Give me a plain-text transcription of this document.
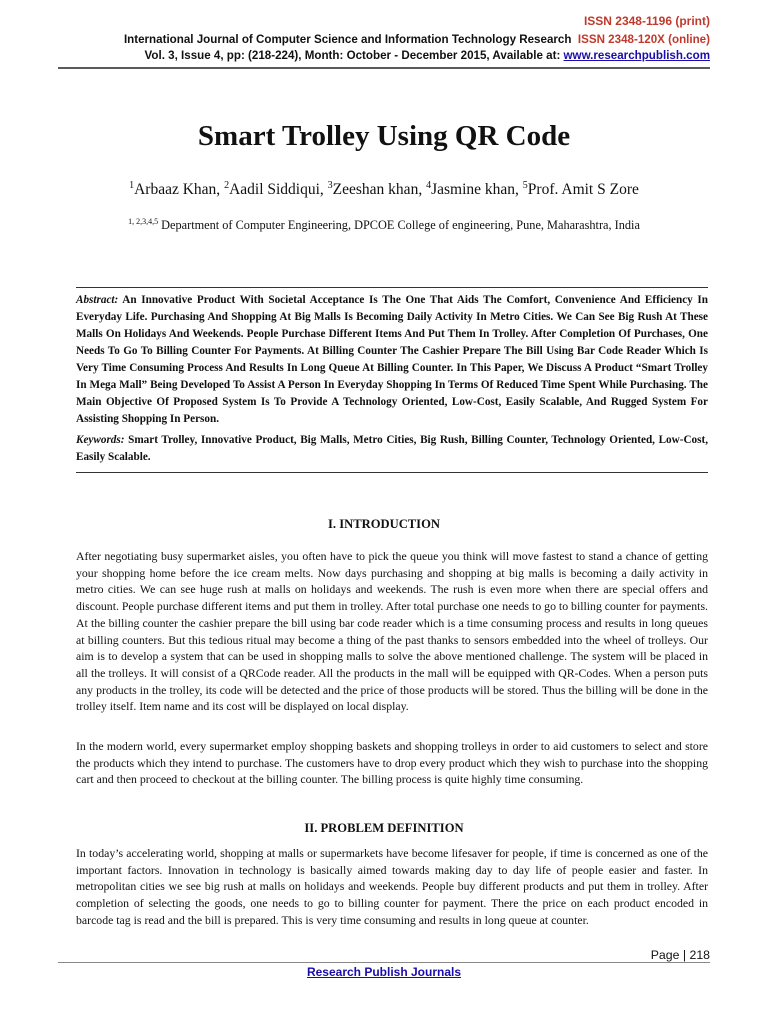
ISSN 2348-1196 (print)
International Journal of Computer Science and Information Technology Research ISSN 2348-120X (online)
Vol. 3, Issue 4, pp: (218-224), Month: October - December 2015, Available at: www.researchpublish.com
Smart Trolley Using QR Code
$^1$Arbaaz Khan, $^2$Aadil Siddiqui, $^3$Zeeshan khan, $^4$Jasmine khan, $^5$Prof. Amit S Zore
$^{1, 2,3,4,5}$ Department of Computer Engineering, DPCOE College of engineering, Pune, Maharashtra, India

Abstract: An Innovative Product With Societal Acceptance Is The One That Aids The Comfort, Convenience And Efficiency In Everyday Life. Purchasing And Shopping At Big Malls Is Becoming Daily Activity In Metro Cities. We Can See Big Rush At These Malls On Holidays And Weekends. People Purchase Different Items And Put Them In Trolley. After Completion Of Purchases, One Needs To Go To Billing Counter For Payments. At Billing Counter The Cashier Prepare The Bill Using Bar Code Reader Which Is Very Time Consuming Process And Results In Long Queue At Billing Counter. In This Paper, We Discuss A Product “Smart Trolley In Mega Mall” Being Developed To Assist A Person In Everyday Shopping In Terms Of Reduced Time Spent While Purchasing. The Main Objective Of Proposed System Is To Provide A Technology Oriented, Low-Cost, Easily Scalable, And Rugged System For Assisting Shopping In Person.

Keywords: Smart Trolley, Innovative Product, Big Malls, Metro Cities, Big Rush, Billing Counter, Technology Oriented, Low-Cost, Easily Scalable.

I. INTRODUCTION

After negotiating busy supermarket aisles, you often have to pick the queue you think will move fastest to stand a chance of getting your shopping home before the ice cream melts. Now days purchasing and shopping at big malls is becoming a daily activity in metro cities. We can see huge rush at malls on holidays and weekends. The rush is even more when there are special offers and discount. People purchase different items and put them in trolley. After total purchase one needs to go to billing counter for payments. At the billing counter the cashier prepare the bill using bar code reader which is a time consuming process and results in long queues at billing counters. But this tedious ritual may become a thing of the past thanks to sensors embedded into the wheel of trolleys. Our aim is to develop a system that can be used in shopping malls to solve the above mentioned challenge. The system will be placed in all the trolleys. It will consist of a QRCode reader. All the products in the mall will be equipped with QR-Codes. When a person puts any products in the trolley, its code will be detected and the price of those products will be stored. Thus the billing will be done in the trolley itself. Item name and its cost will be displayed on local display.

In the modern world, every supermarket employ shopping baskets and shopping trolleys in order to aid customers to select and store the products which they intend to purchase. The customers have to drop every product which they wish to purchase into the shopping cart and then proceed to checkout at the billing counter. The billing process is quite highly time consuming.

II. PROBLEM DEFINITION

In today’s accelerating world, shopping at malls or supermarkets have become lifesaver for people, if time is concerned as one of the important factors. Innovation in technology is basically aimed towards making day to day life of people easier and faster. In metropolitan cities we see big rush at malls on holidays and weekends. People buy different products and put them in trolley. After completion of selecting the goods, one needs to go to billing counter for payment. There the price on each product encoded in barcode tag is read and the bill is prepared. This is very time consuming and results in long queue at counter.

Page | 218
Research Publish Journals
